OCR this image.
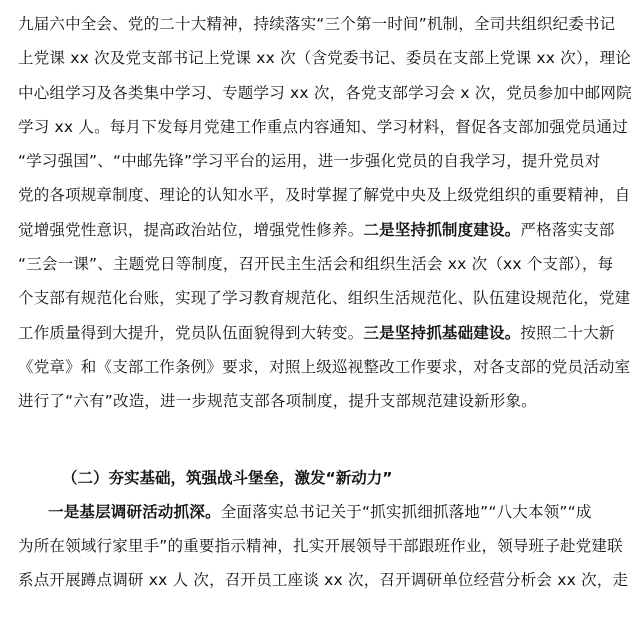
九届六中全会、党的二十大精神，持续落实“三个第一时间”机制，全司共组织纪委书记

上党课 xx 次及党支部书记上党课 xx 次（含党委书记、委员在支部上党课 xx 次），理论

中心组学习及各类集中学习、专题学习 xx 次，各党支部学习会 x 次，党员参加中邮网院

学习 xx 人。每月下发每月党建工作重点内容通知、学习材料，督促各支部加强党员通过

“学习强国”、“中邮先锋”学习平台的运用，进一步强化党员的自我学习，提升党员对

党的各项规章制度、理论的认知水平，及时掌握了解党中央及上级党组织的重要精神，自

觉增强党性意识，提高政治站位，增强党性修养。二是坚持抓制度建设。严格落实支部

“三会一课”、主题党日等制度，召开民主生活会和组织生活会 xx 次（xx 个支部），每

个支部有规范化台账，实现了学习教育规范化、组织生活规范化、队伍建设规范化，党建

工作质量得到大提升，党员队伍面貌得到大转变。三是坚持抓基础建设。按照二十大新

《党章》和《支部工作条例》要求，对照上级巡视整改工作要求，对各支部的党员活动室

进行了“六有”改造，进一步规范支部各项制度，提升支部规范建设新形象。

（二）夯实基础，筑强战斗堡垒，激发“新动力”

一是基层调研活动抓深。全面落实总书记关于“抓实抓细抓落地”“八大本领”“成

为所在领域行家里手”的重要指示精神，扎实开展领导干部跟班作业，领导班子赴党建联

系点开展蹲点调研 xx 人 次，召开员工座谈 xx 次，召开调研单位经营分析会 xx 次，走
